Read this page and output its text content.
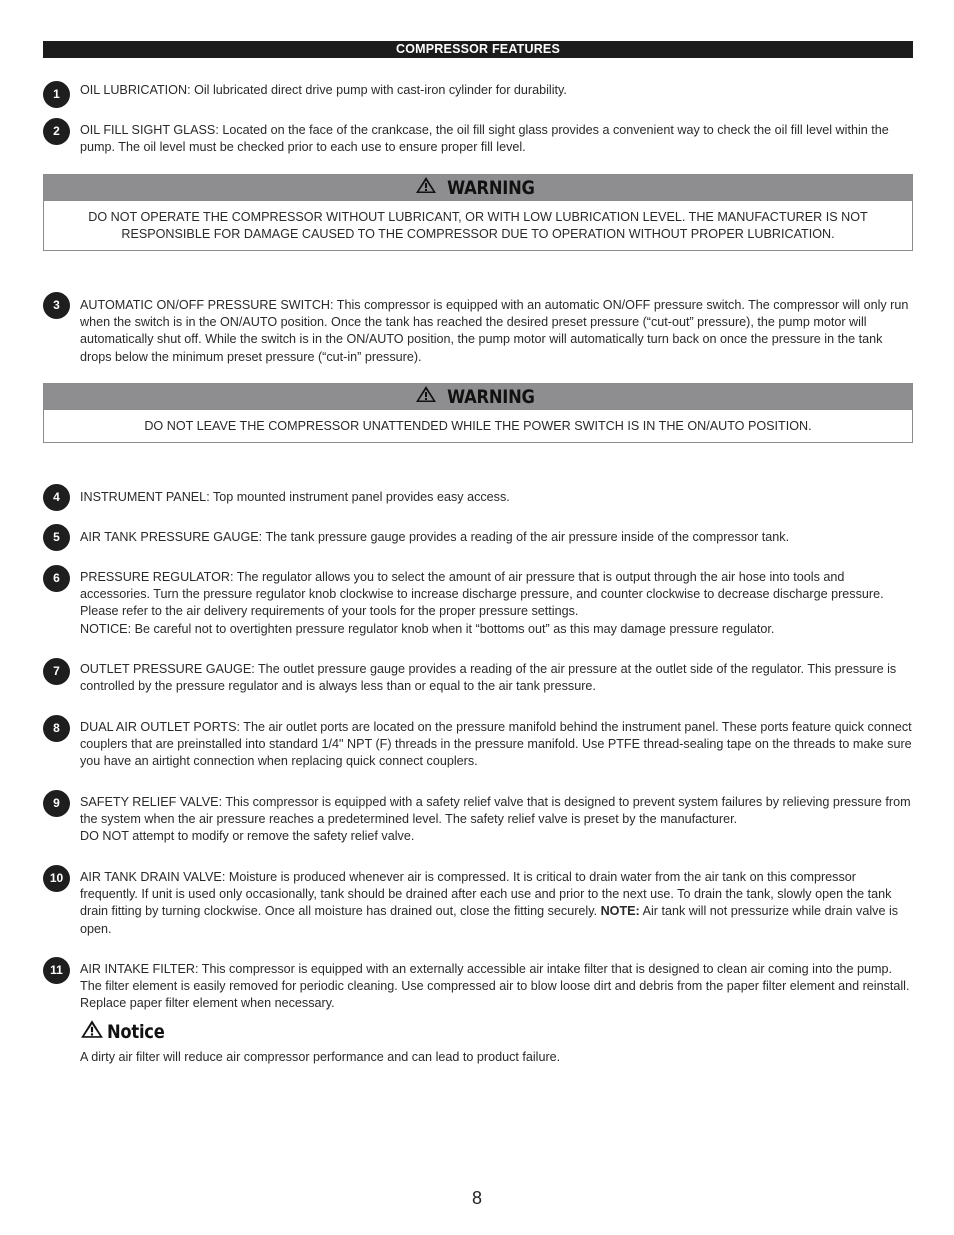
COMPRESSOR FEATURES
1	OIL LUBRICATION: Oil lubricated direct drive pump with cast-iron cylinder for durability.
2	OIL FILL SIGHT GLASS: Located on the face of the crankcase, the oil fill sight glass provides a convenient way to check the oil fill level within the pump. The oil level must be checked prior to each use to ensure proper fill level.
WARNING
DO NOT OPERATE THE COMPRESSOR WITHOUT LUBRICANT, OR WITH LOW LUBRICATION LEVEL. THE MANUFACTURER IS NOT RESPONSIBLE FOR DAMAGE CAUSED TO THE COMPRESSOR DUE TO OPERATION WITHOUT PROPER LUBRICATION.
3	AUTOMATIC ON/OFF PRESSURE SWITCH: This compressor is equipped with an automatic ON/OFF pressure switch. The compressor will only run when the switch is in the ON/AUTO position. Once the tank has reached the desired preset pressure (“cut-out” pressure), the pump motor will automatically shut off. While the switch is in the ON/AUTO position, the pump motor will automatically turn back on once the pressure in the tank drops below the minimum preset pressure (“cut-in” pressure).
WARNING
DO NOT LEAVE THE COMPRESSOR UNATTENDED WHILE THE POWER SWITCH IS IN THE ON/AUTO POSITION.
4	INSTRUMENT PANEL: Top mounted instrument panel provides easy access.
5	AIR TANK PRESSURE GAUGE: The tank pressure gauge provides a reading of the air pressure inside of the compressor tank.
6	PRESSURE REGULATOR: The regulator allows you to select the amount of air pressure that is output through the air hose into tools and accessories. Turn the pressure regulator knob clockwise to increase discharge pressure, and counter clockwise to decrease discharge pressure. Please refer to the air delivery requirements of your tools for the proper pressure settings.

NOTICE: Be careful not to overtighten pressure regulator knob when it “bottoms out” as this may damage pressure regulator.

7	OUTLET PRESSURE GAUGE: The outlet pressure gauge provides a reading of the air pressure at the outlet side of the regulator. This pressure is controlled by the pressure regulator and is always less than or equal to the air tank pressure.
8	DUAL AIR OUTLET PORTS: The air outlet ports are located on the pressure manifold behind the instrument panel. These ports feature quick connect couplers that are preinstalled into standard 1/4" NPT (F) threads in the pressure manifold. Use PTFE thread-sealing tape on the threads to make sure you have an airtight connection when replacing quick connect couplers.
9	SAFETY RELIEF VALVE: This compressor is equipped with a safety relief valve that is designed to prevent system failures by relieving pressure from the system when the air pressure reaches a predetermined level. The safety relief valve is preset by the manufacturer.

DO NOT attempt to modify or remove the safety relief valve.

10	AIR TANK DRAIN VALVE: Moisture is produced whenever air is compressed. It is critical to drain water from the air tank on this compressor frequently. If unit is used only occasionally, tank should be drained after each use and prior to the next use. To drain the tank, slowly open the tank drain fitting by turning clockwise. Once all moisture has drained out, close the fitting securely. NOTE: Air tank will not pressurize while drain valve is open.
11	AIR INTAKE FILTER: This compressor is equipped with an externally accessible air intake filter that is designed to clean air coming into the pump. The filter element is easily removed for periodic cleaning. Use compressed air to blow loose dirt and debris from the paper filter element and reinstall. Replace paper filter element when necessary.
Notice
A dirty air filter will reduce air compressor performance and can lead to product failure.
8
